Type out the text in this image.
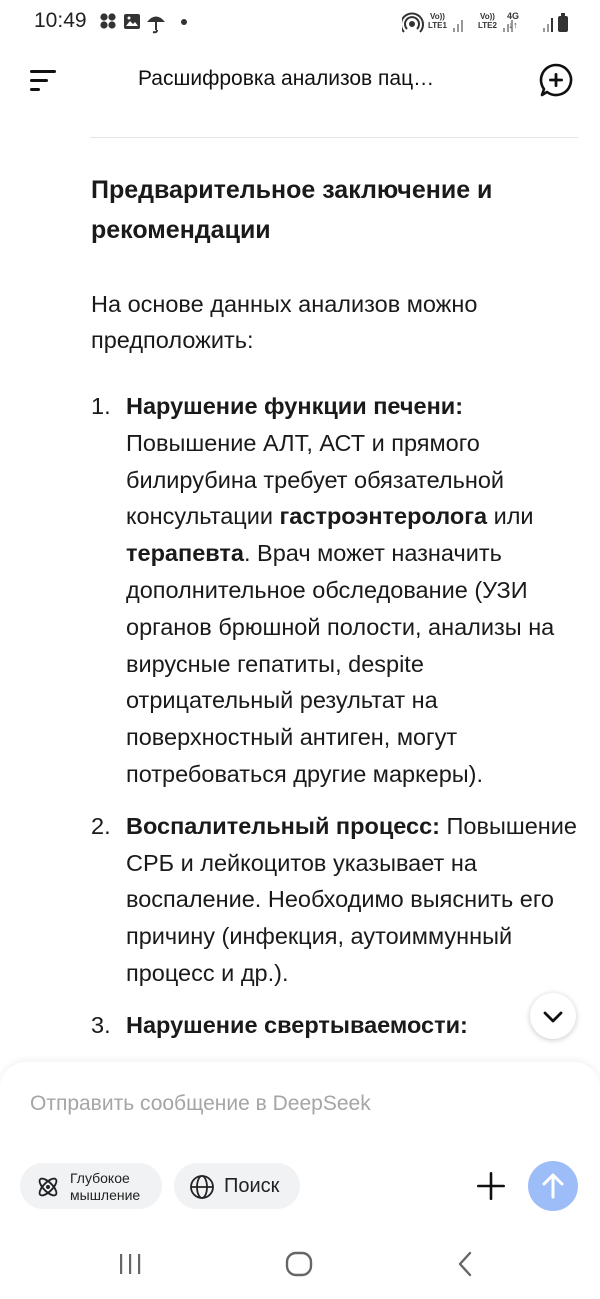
10:49	Vo))
LTE1
Vo))
LTE2
4G
↓↑
Расшифровка анализов пац…
Предварительное заключение и рекомендации

На основе данных анализов можно предположить:

1. Нарушение функции печени: Повышение АЛТ, АСТ и прямого билирубина требует обязательной консультации гастроэнтеролога или терапевта. Врач может назначить дополнительное обследование (УЗИ органов брюшной полости, анализы на вирусные гепатиты, despite отрицательный результат на поверхностный антиген, могут потребоваться другие маркеры).
2. Воспалительный процесс: Повышение СРБ и лейкоцитов указывает на воспаление. Необходимо выяснить его причину (инфекция, аутоиммунный процесс и др.).
3. Нарушение свертываемости:
Отправить сообщение в DeepSeek
Глубокое
мышление	Поиск
